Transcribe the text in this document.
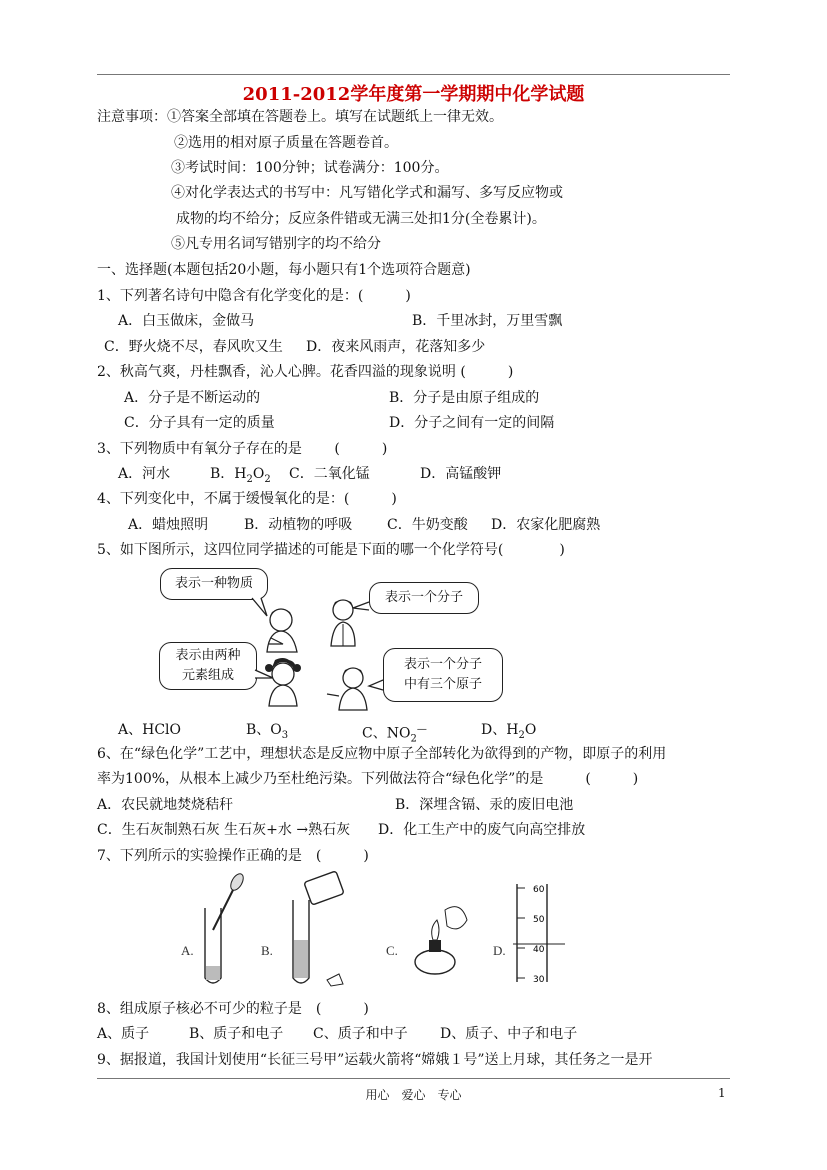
2011-2012学年度第一学期期中化学试题
注意事项：①答案全部填在答题卷上。填写在试题纸上一律无效。
②选用的相对原子质量在答题卷首。
③考试时间：100分钟；试卷满分：100分。
④对化学表达式的书写中：凡写错化学式和漏写、多写反应物或
成物的均不给分；反应条件错或无满三处扣1分(全卷累计)。
⑤凡专用名词写错别字的均不给分
一、选择题(本题包括20小题，每小题只有1个选项符合题意)
1、下列著名诗句中隐含有化学变化的是：(　　　)
A．白玉做床，金做马	B．千里冰封，万里雪飘
C．野火烧不尽，春风吹又生 D．夜来风雨声，花落知多少
2、秋高气爽，丹桂飘香，沁人心脾。花香四溢的现象说明 (　　　)
A．分子是不断运动的	B．分子是由原子组成的
C．分子具有一定的质量	D．分子之间有一定的间隔
3、下列物质中有氧分子存在的是　　 (　　　)
A．河水	B．$H_2O_2$ C．二氧化锰	D．高锰酸钾
4、下列变化中，不属于缓慢氧化的是：(　　　)
A．蜡烛照明	B．动植物的呼吸 C．牛奶变酸 D．农家化肥腐熟
5、如下图所示，这四位同学描述的可能是下面的哪一个化学符号(　　　　)
表示一种物质
表示一个分子
表示由两种
元素组成
表示一个分子
中有三个原子
A、HClO	B、$O_3$	C、$NO_2^—$	D、$H_2O$
6、在“绿色化学”工艺中，理想状态是反应物中原子全部转化为欲得到的产物，即原子的利用
率为100%，从根本上减少乃至杜绝污染。下列做法符合“绿色化学”的是　　　(　　　)
A．农民就地焚烧秸秆	B．深埋含镉、汞的废旧电池
C．生石灰制熟石灰 生石灰+水 →熟石灰 D．化工生产中的废气向高空排放
7、下列所示的实验操作正确的是　(　　　)
A.	B.	C.
60
50
40
30
D.
8、组成原子核必不可少的粒子是　(　　　)
A、质子	B、质子和电子 C、质子和中子 D、质子、中子和电子
9、据报道，我国计划使用“长征三号甲”运载火箭将“嫦娥１号”送上月球，其任务之一是开
用心　爱心　专心	1
